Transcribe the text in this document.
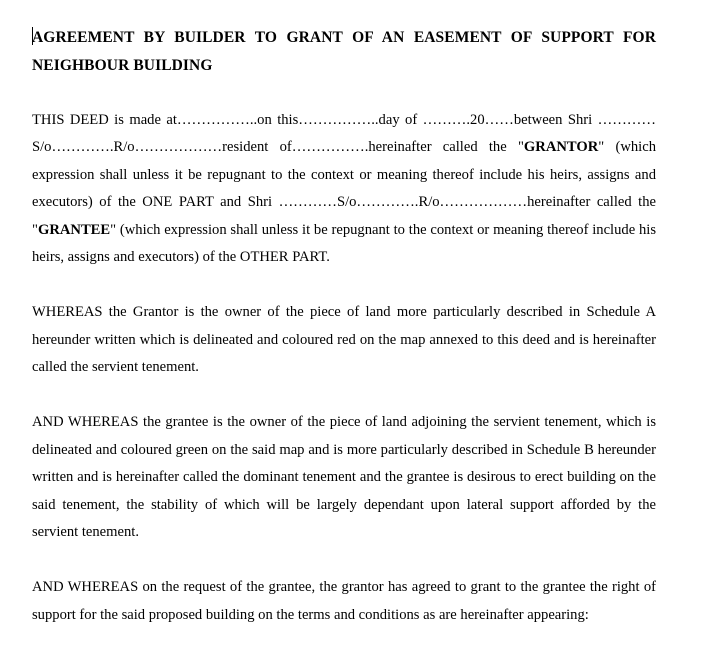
AGREEMENT BY BUILDER TO GRANT OF AN EASEMENT OF SUPPORT FOR NEIGHBOUR BUILDING

THIS DEED is made at……………..on this……………..day of ……….20……between Shri …………S/o………….R/o………………resident of…………….hereinafter called the "GRANTOR" (which expression shall unless it be repugnant to the context or meaning thereof include his heirs, assigns and executors) of the ONE PART and Shri …………S/o………….R/o………………hereinafter called the "GRANTEE" (which expression shall unless it be repugnant to the context or meaning thereof include his heirs, assigns and executors) of the OTHER PART.

WHEREAS the Grantor is the owner of the piece of land more particularly described in Schedule A hereunder written which is delineated and coloured red on the map annexed to this deed and is hereinafter called the servient tenement.

AND WHEREAS the grantee is the owner of the piece of land adjoining the servient tenement, which is delineated and coloured green on the said map and is more particularly described in Schedule B hereunder written and is hereinafter called the dominant tenement and the grantee is desirous to erect building on the said tenement, the stability of which will be largely dependant upon lateral support afforded by the servient tenement.

AND WHEREAS on the request of the grantee, the grantor has agreed to grant to the grantee the right of support for the said proposed building on the terms and conditions as are hereinafter appearing:
